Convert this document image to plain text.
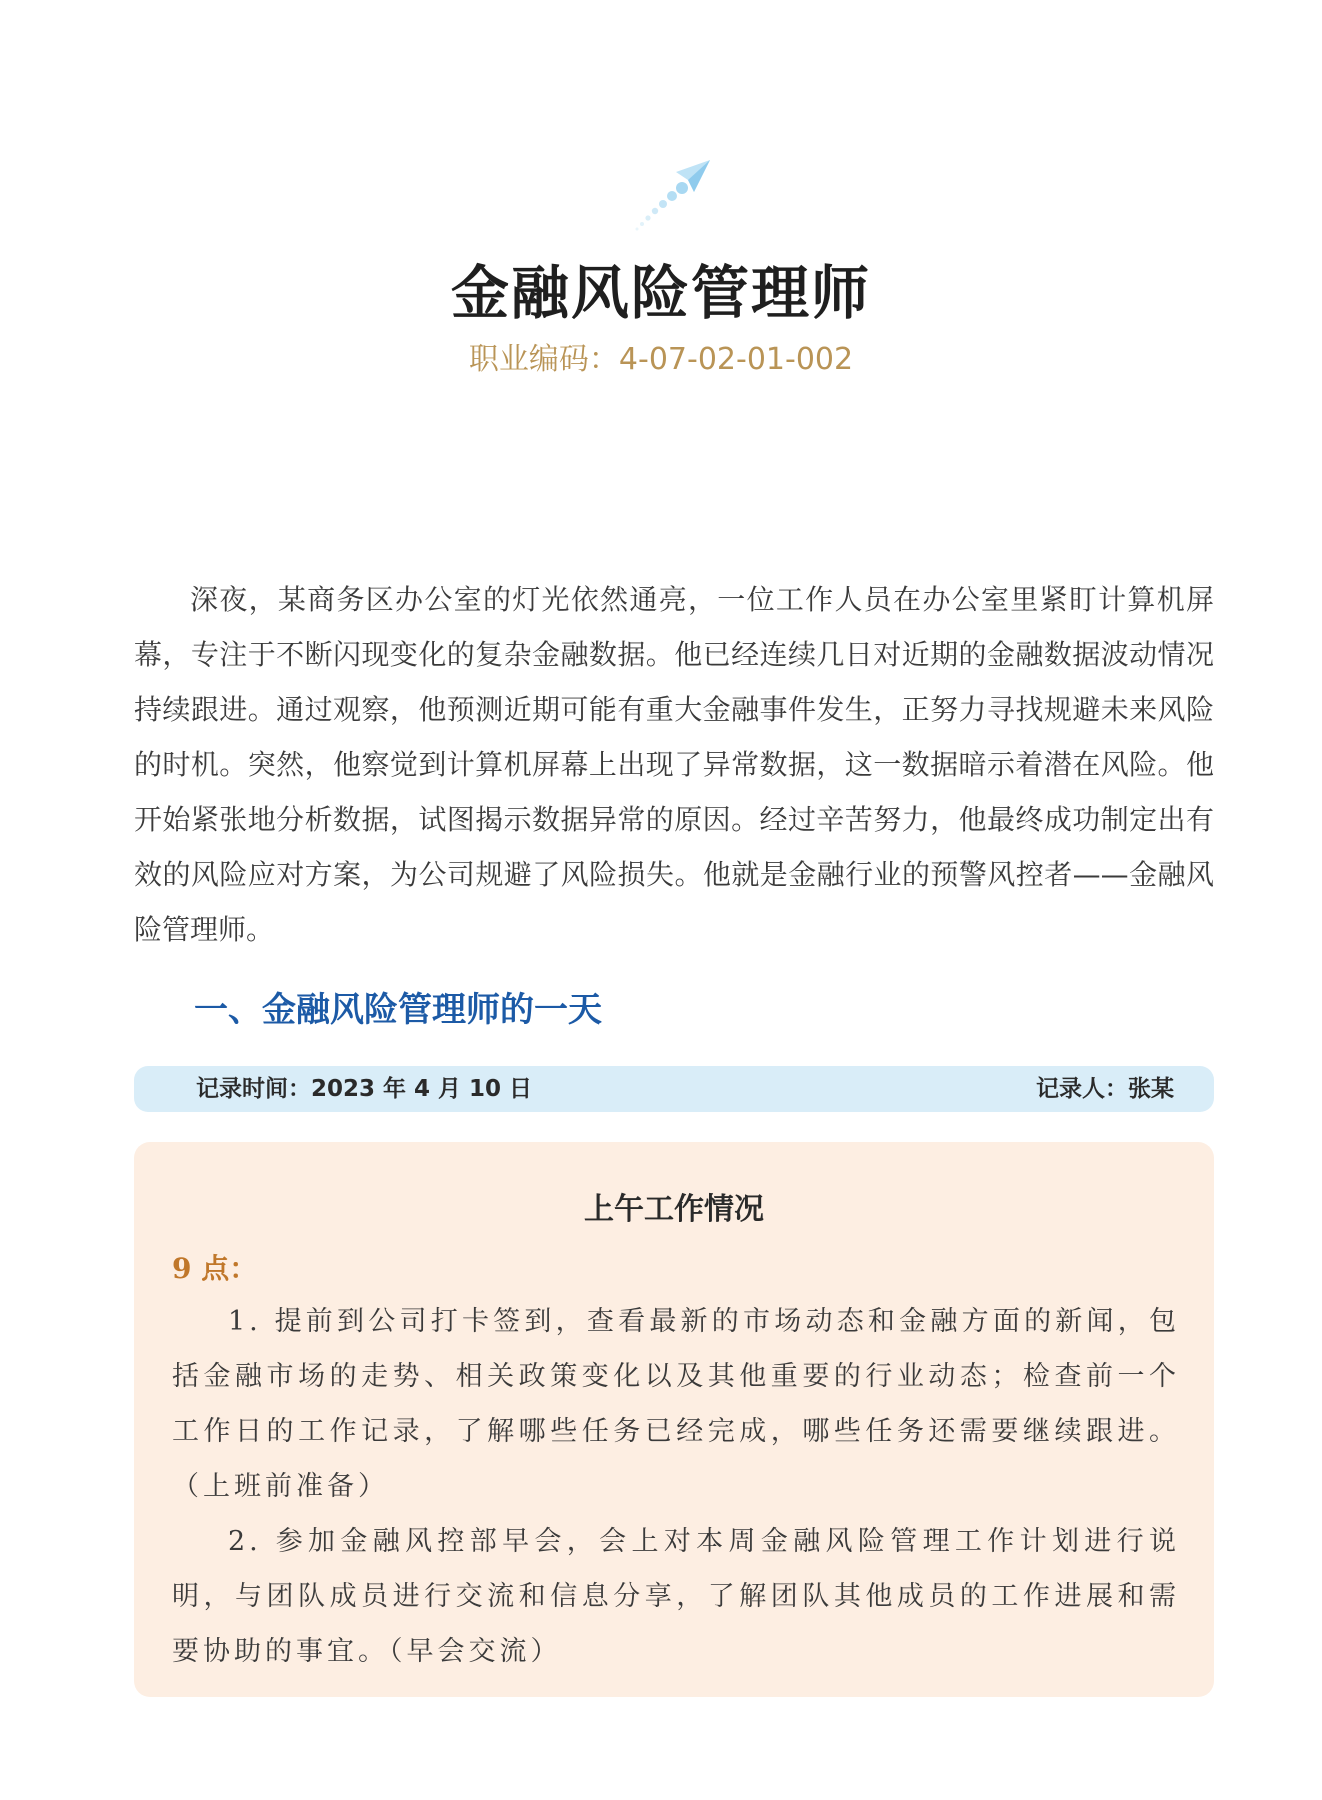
金融风险管理师
职业编码：4-07-02-01-002

深夜，某商务区办公室的灯光依然通亮，一位工作人员在办公室里紧盯计算机屏幕，专注于不断闪现变化的复杂金融数据。他已经连续几日对近期的金融数据波动情况持续跟进。通过观察，他预测近期可能有重大金融事件发生，正努力寻找规避未来风险的时机。突然，他察觉到计算机屏幕上出现了异常数据，这一数据暗示着潜在风险。他开始紧张地分析数据，试图揭示数据异常的原因。经过辛苦努力，他最终成功制定出有效的风险应对方案，为公司规避了风险损失。他就是金融行业的预警风控者——金融风险管理师。

一、金融风险管理师的一天
记录时间：2023 年 4 月 10 日	记录人：张某
上午工作情况
9 点：

1. 提前到公司打卡签到，查看最新的市场动态和金融方面的新闻，包括金融市场的走势、相关政策变化以及其他重要的行业动态；检查前一个工作日的工作记录，了解哪些任务已经完成，哪些任务还需要继续跟进。（上班前准备）

2. 参加金融风控部早会，会上对本周金融风险管理工作计划进行说明，与团队成员进行交流和信息分享，了解团队其他成员的工作进展和需要协助的事宜。（早会交流）
